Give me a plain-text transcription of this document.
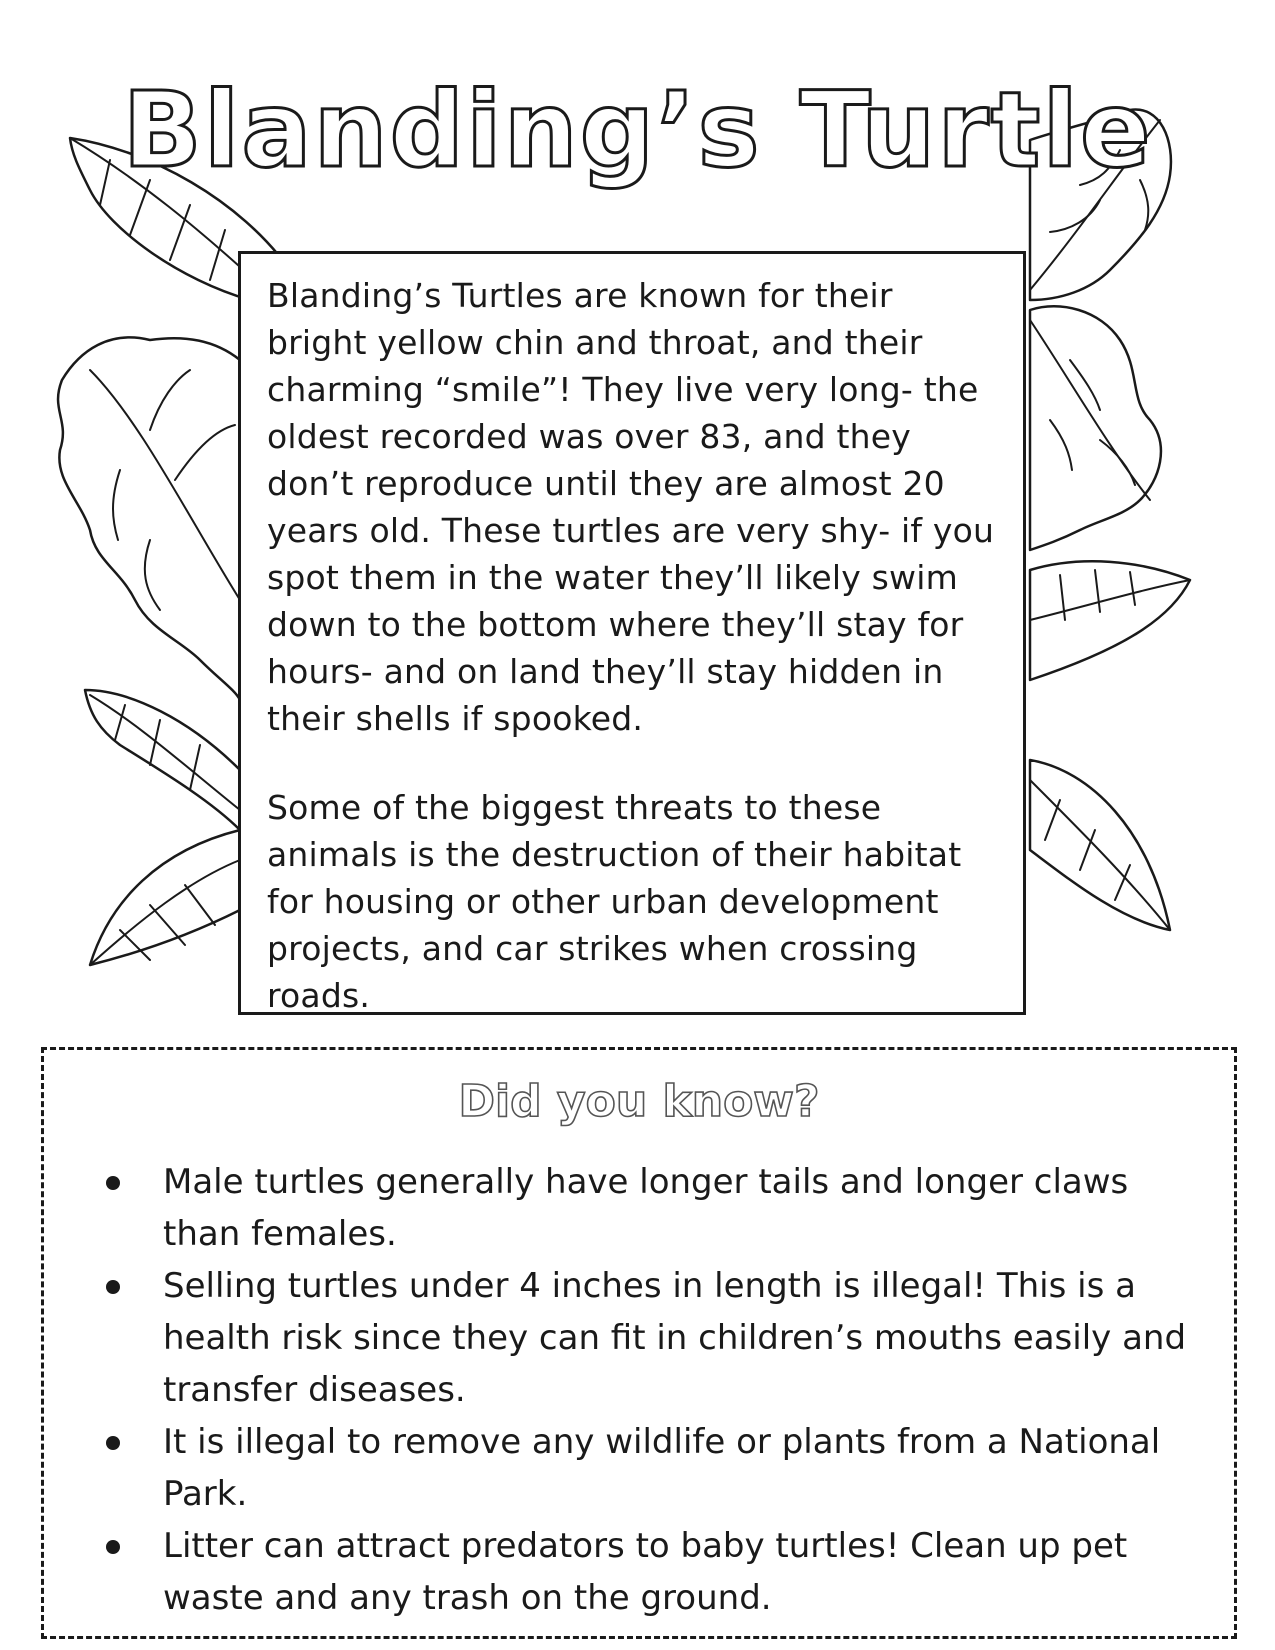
Blanding’s Turtle

Blanding’s Turtles are known for their bright yellow chin and throat, and their charming “smile”! They live very long- the oldest recorded was over 83, and they don’t reproduce until they are almost 20 years old. These turtles are very shy- if you spot them in the water they’ll likely swim down to the bottom where they’ll stay for hours- and on land they’ll stay hidden in their shells if spooked.

Some of the biggest threats to these animals is the destruction of their habitat for housing or other urban development projects, and car strikes when crossing roads.

Did you know?
Male turtles generally have longer tails and longer claws than females.
Selling turtles under 4 inches in length is illegal! This is a health risk since they can fit in children’s mouths easily and transfer diseases.
It is illegal to remove any wildlife or plants from a National Park.
Litter can attract predators to baby turtles! Clean up pet waste and any trash on the ground.
